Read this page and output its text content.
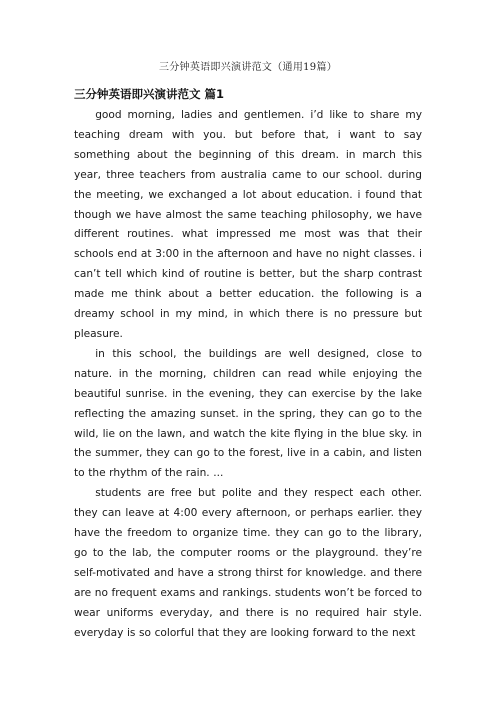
三分钟英语即兴演讲范文（通用19篇）
三分钟英语即兴演讲范文 篇1

good morning, ladies and gentlemen. i’d like to share my teaching dream with you. but before that, i want to say something about the beginning of this dream. in march this year, three teachers from australia came to our school. during the meeting, we exchanged a lot about education. i found that though we have almost the same teaching philosophy, we have different routines. what impressed me most was that their schools end at 3:00 in the afternoon and have no night classes. i can’t tell which kind of routine is better, but the sharp contrast made me think about a better education. the following is a dreamy school in my mind, in which there is no pressure but pleasure.

in this school, the buildings are well designed, close to nature. in the morning, children can read while enjoying the beautiful sunrise. in the evening, they can exercise by the lake reflecting the amazing sunset. in the spring, they can go to the wild, lie on the lawn, and watch the kite flying in the blue sky. in the summer, they can go to the forest, live in a cabin, and listen to the rhythm of the rain. ...

students are free but polite and they respect each other. they can leave at 4:00 every afternoon, or perhaps earlier. they have the freedom to organize time. they can go to the library, go to the lab, the computer rooms or the playground. they’re self-motivated and have a strong thirst for knowledge. and there are no frequent exams and rankings. students won’t be forced to wear uniforms everyday, and there is no required hair style. everyday is so colorful that they are looking forward to the next
